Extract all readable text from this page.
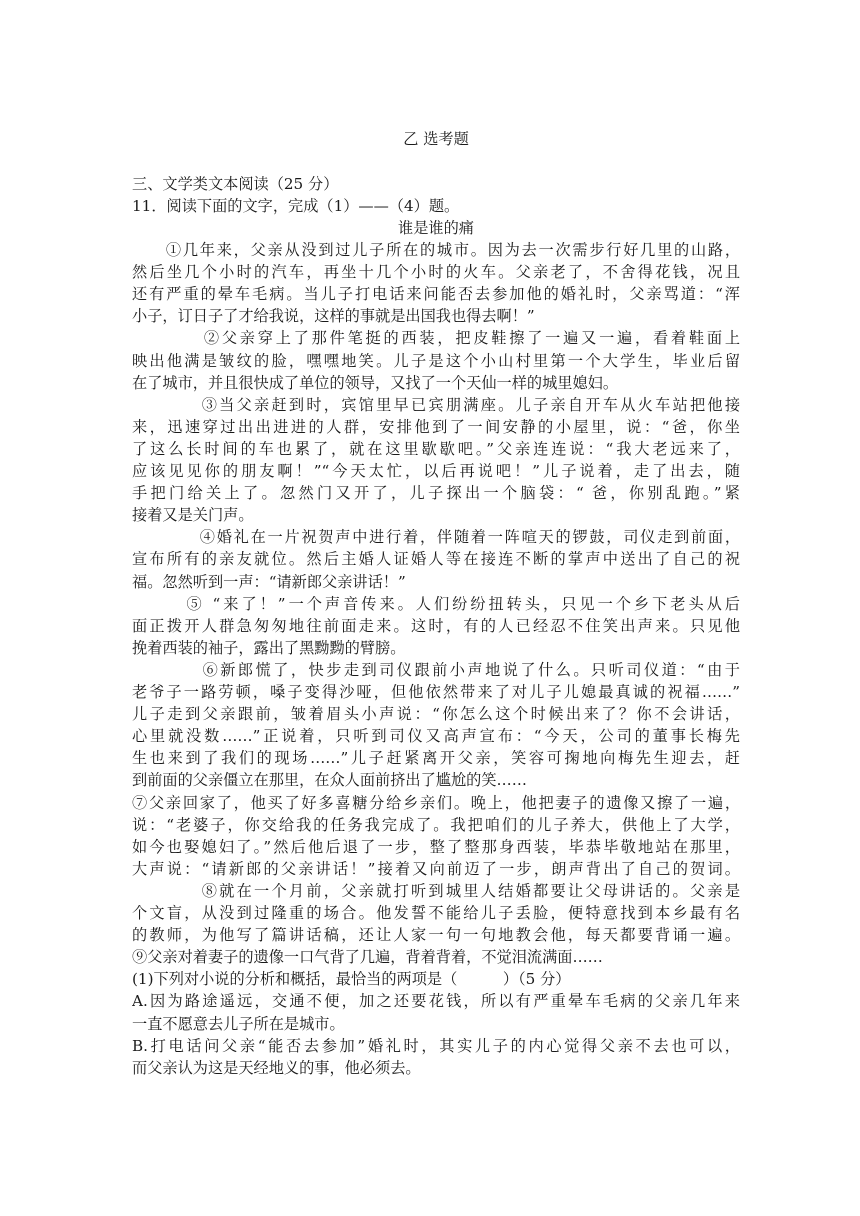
乙 选考题
三、文学类文本阅读（25 分）
11．阅读下面的文字，完成（1）——（4）题。
谁是谁的痛
　　①几年来，父亲从没到过儿子所在的城市。因为去一次需步行好几里的山路，
然后坐几个小时的汽车，再坐十几个小时的火车。父亲老了，不舍得花钱，况且
还有严重的晕车毛病。当儿子打电话来问能否去参加他的婚礼时，父亲骂道：“浑
小子，订日子了才给我说，这样的事就是出国我也得去啊！”
　　　　②父亲穿上了那件笔挺的西装，把皮鞋擦了一遍又一遍，看着鞋面上
映出他满是皱纹的脸，嘿嘿地笑。儿子是这个小山村里第一个大学生，毕业后留
在了城市，并且很快成了单位的领导，又找了一个天仙一样的城里媳妇。
　　　　③当父亲赶到时，宾馆里早已宾朋满座。儿子亲自开车从火车站把他接
来，迅速穿过出出进进的人群，安排他到了一间安静的小屋里，说：“爸，你坐
了这么长时间的车也累了，就在这里歇歇吧。”父亲连连说：“我大老远来了，
应该见见你的朋友啊！”“今天太忙，以后再说吧！”儿子说着，走了出去，随
手把门给关上了。忽然门又开了，儿子探出一个脑袋：“ 爸，你别乱跑。”紧
接着又是关门声。
　　　　④婚礼在一片祝贺声中进行着，伴随着一阵喧天的锣鼓，司仪走到前面，
宣布所有的亲友就位。然后主婚人证婚人等在接连不断的掌声中送出了自己的祝
福。忽然听到一声：“请新郎父亲讲话！”
　　　⑤ “来了！”一个声音传来。人们纷纷扭转头，只见一个乡下老头从后
面正拨开人群急匆匆地往前面走来。这时，有的人已经忍不住笑出声来。只见他
挽着西装的袖子，露出了黑黝黝的臂膀。
　　　　⑥新郎慌了，快步走到司仪跟前小声地说了什么。只听司仪道：“由于
老爷子一路劳顿，嗓子变得沙哑，但他依然带来了对儿子儿媳最真诚的祝福……”
儿子走到父亲跟前，皱着眉头小声说：“你怎么这个时候出来了？你不会讲话，
心里就没数……”正说着，只听到司仪又高声宣布：“今天，公司的董事长梅先
生也来到了我们的现场……”儿子赶紧离开父亲，笑容可掬地向梅先生迎去，赶
到前面的父亲僵立在那里，在众人面前挤出了尴尬的笑……
⑦父亲回家了，他买了好多喜糖分给乡亲们。晚上，他把妻子的遗像又擦了一遍，
说：“老婆子，你交给我的任务我完成了。我把咱们的儿子养大，供他上了大学，
如今也娶媳妇了。”然后他后退了一步，整了整那身西装，毕恭毕敬地站在那里，
大声说：“请新郎的父亲讲话！”接着又向前迈了一步，朗声背出了自己的贺词。
　　　　⑧就在一个月前，父亲就打听到城里人结婚都要让父母讲话的。父亲是
个文盲，从没到过隆重的场合。他发誓不能给儿子丢脸，便特意找到本乡最有名
的教师，为他写了篇讲话稿，还让人家一句一句地教会他，每天都要背诵一遍。
⑨父亲对着妻子的遗像一口气背了几遍，背着背着，不觉泪流满面……
(1)下列对小说的分析和概括，最恰当的两项是（　　　）（5 分）
A.因为路途遥远，交通不便，加之还要花钱，所以有严重晕车毛病的父亲几年来
一直不愿意去儿子所在是城市。
B.打电话问父亲“能否去参加”婚礼时，其实儿子的内心觉得父亲不去也可以，
而父亲认为这是天经地义的事，他必须去。
